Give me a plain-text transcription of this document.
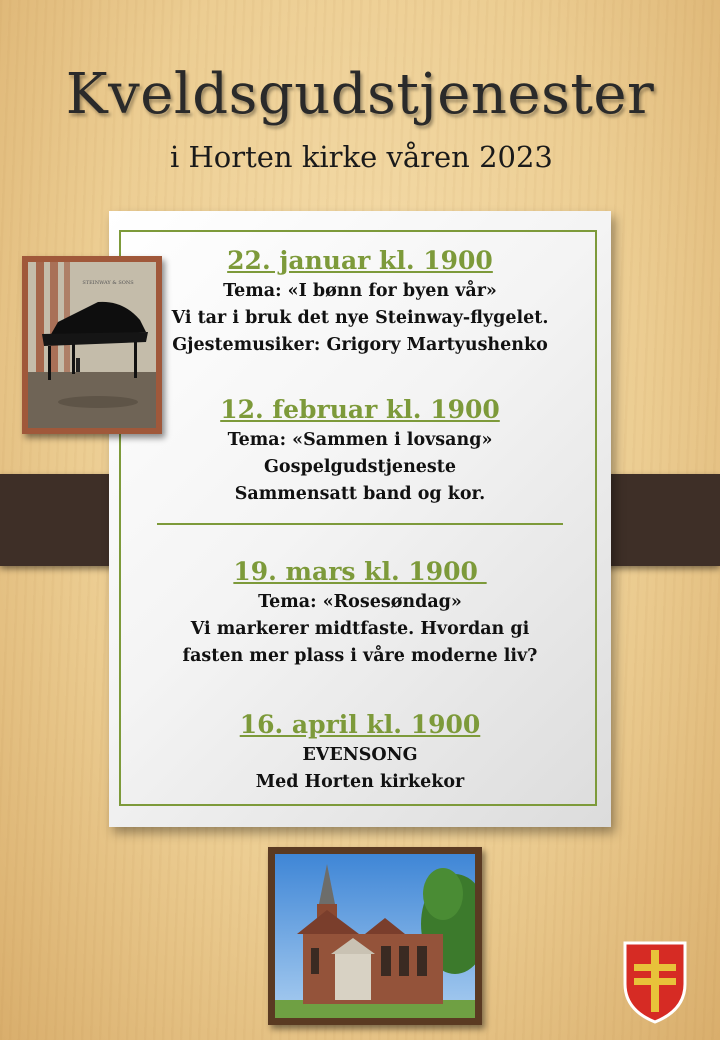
Kveldsgudstjenester
i Horten kirke våren 2023
22. januar kl. 1900
Tema: «I bønn for byen vår»
Vi tar i bruk det nye Steinway-flygelet.
Gjestemusiker: Grigory Martyushenko
12. februar kl. 1900
Tema: «Sammen i lovsang»
Gospelgudstjeneste
Sammensatt band og kor.
19. mars kl. 1900
Tema: «Rosesøndag»
Vi markerer midtfaste. Hvordan gi
fasten mer plass i våre moderne liv?
16. april kl. 1900
EVENSONG
Med Horten kirkekor
STEINWAY & SONS
